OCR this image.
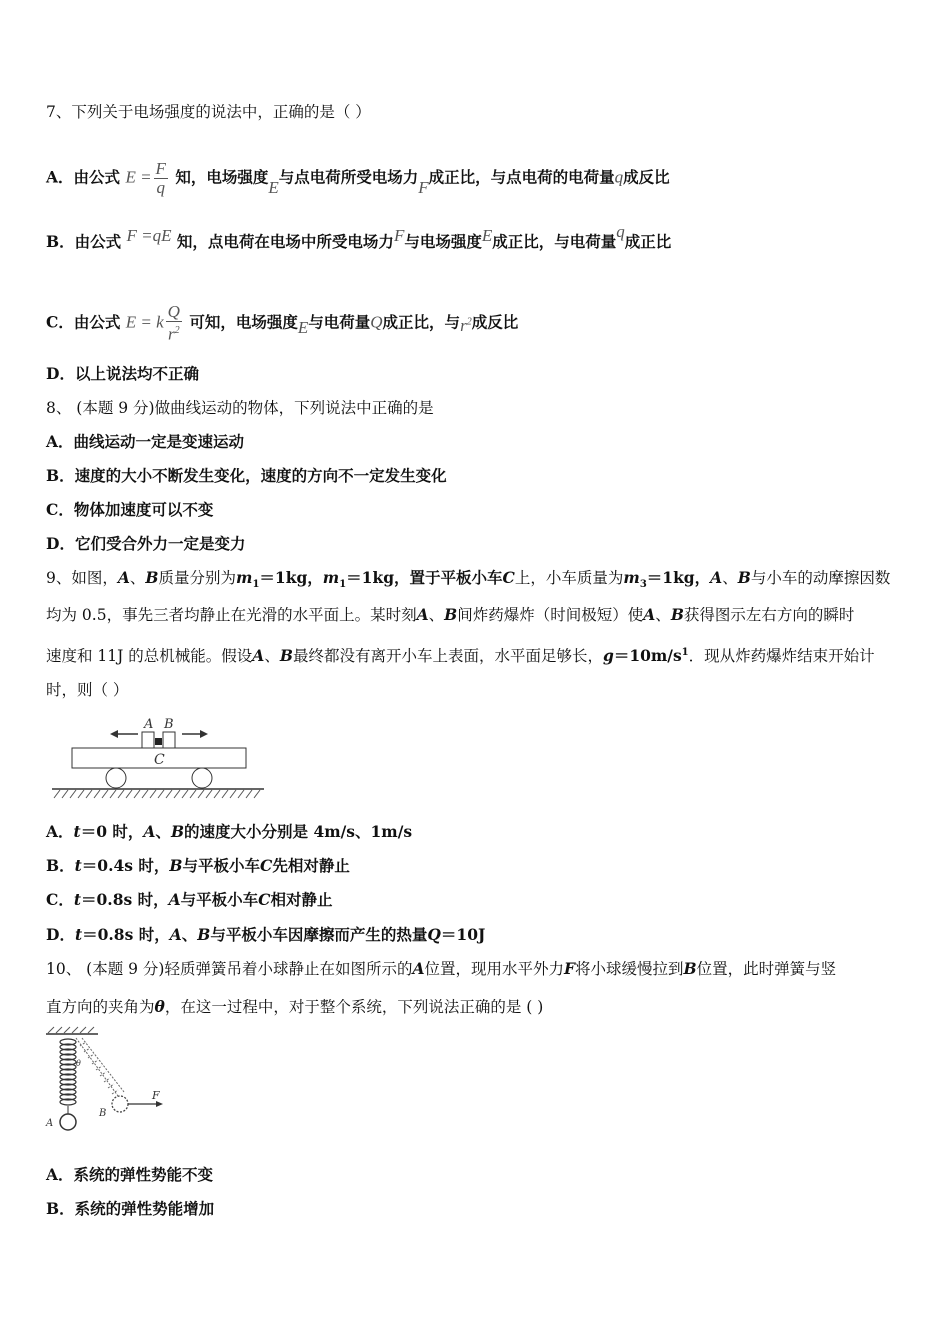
7、下列关于电场强度的说法中，正确的是（ ）
A．由公式 $E = \frac{F}{q}$ 知，电场强度E与点电荷所受电场力F成正比，与点电荷的电荷量q成反比
B．由公式 F =qE 知，点电荷在电场中所受电场力F与电场强度E成正比，与电荷量q成正比
C．由公式 E = k $\frac{Q}{r^2}$ 可知，电场强度E与电荷量Q成正比，与$r^2$成反比
D．以上说法均不正确
8、 (本题 9 分)做曲线运动的物体，下列说法中正确的是
A．曲线运动一定是变速运动
B．速度的大小不断发生变化，速度的方向不一定发生变化
C．物体加速度可以不变
D．它们受合外力一定是变力
9、如图，A、B质量分别为$m_1=1kg$，$m_1=1kg$，置于平板小车C上，小车质量为$m_3=1kg$，A、B与小车的动摩擦因数
均为 0.5，事先三者均静止在光滑的水平面上。某时刻A、B间炸药爆炸（时间极短）使A、B获得图示左右方向的瞬时
速度和 11J 的总机械能。假设A、B最终都没有离开小车上表面，水平面足够长，$g=10m/s^1$．现从炸药爆炸结束开始计
时，则（ ）
A B
C
A．t＝0 时，A、B的速度大小分别是 4m/s、1m/s
B．t＝0.4s 时，B与平板小车C先相对静止
C．t＝0.8s 时，A与平板小车C相对静止
D．t＝0.8s 时，A、B与平板小车因摩擦而产生的热量Q＝10J
10、 (本题 9 分)轻质弹簧吊着小球静止在如图所示的A位置，现用水平外力F将小球缓慢拉到B位置，此时弹簧与竖
直方向的夹角为θ，在这一过程中，对于整个系统，下列说法正确的是 ( )
A
B
θ
F
A．系统的弹性势能不变
B．系统的弹性势能增加
